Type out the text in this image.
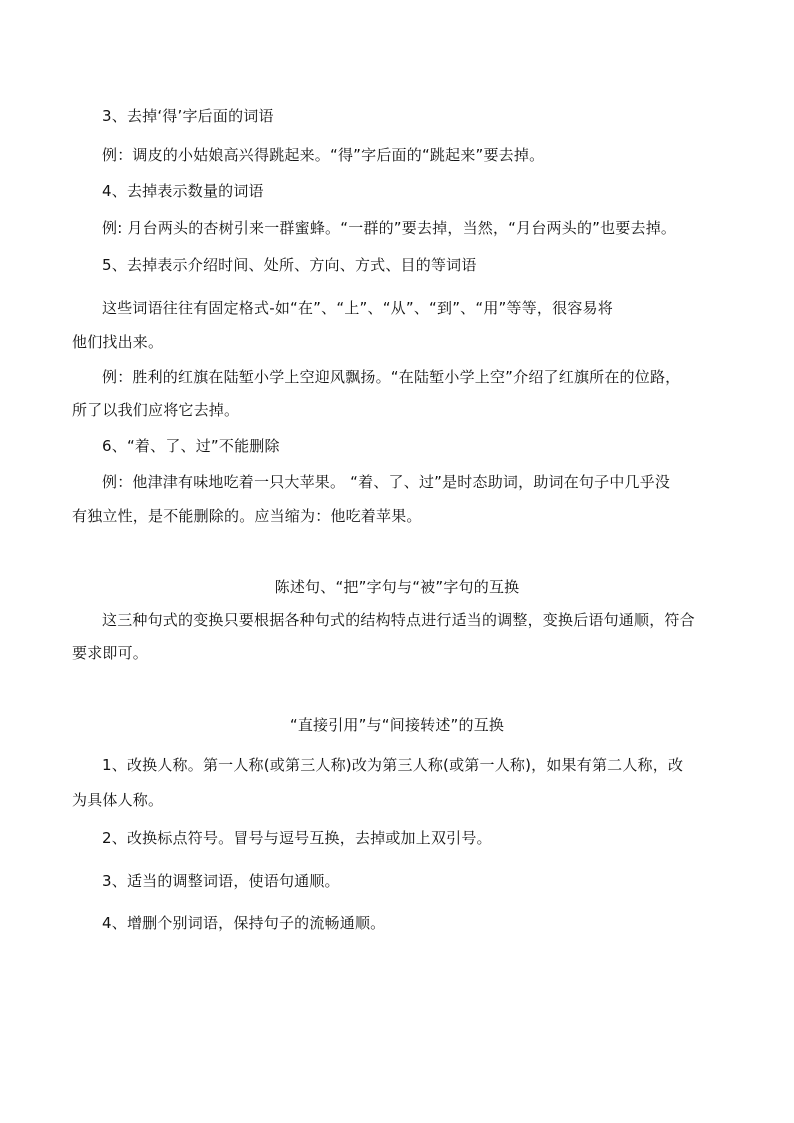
3、去掉‘得’字后面的词语
例：调皮的小姑娘高兴得跳起来。“得”字后面的“跳起来”要去掉。
4、去掉表示数量的词语
例: 月台两头的杏树引来一群蜜蜂。“一群的”要去掉，当然，“月台两头的”也要去掉。
5、去掉表示介绍时间、处所、方向、方式、目的等词语
这些词语往往有固定格式-如“在”、“上”、“从”、“到”、“用”等等，很容易将
他们找出来。
例：胜利的红旗在陆堑小学上空迎风飘扬。“在陆堑小学上空”介绍了红旗所在的位路，
所了以我们应将它去掉。
6、“着、了、过”不能删除
例：他津津有味地吃着一只大苹果。 “着、了、过”是时态助词，助词在句子中几乎没
有独立性，是不能删除的。应当缩为：他吃着苹果。
陈述句、“把”字句与“被”字句的互换
这三种句式的变换只要根据各种句式的结构特点进行适当的调整，变换后语句通顺，符合
要求即可。
“直接引用”与“间接转述”的互换
1、改换人称。第一人称(或第三人称)改为第三人称(或第一人称)，如果有第二人称，改
为具体人称。
2、改换标点符号。冒号与逗号互换，去掉或加上双引号。
3、适当的调整词语，使语句通顺。
4、增删个别词语，保持句子的流畅通顺。
